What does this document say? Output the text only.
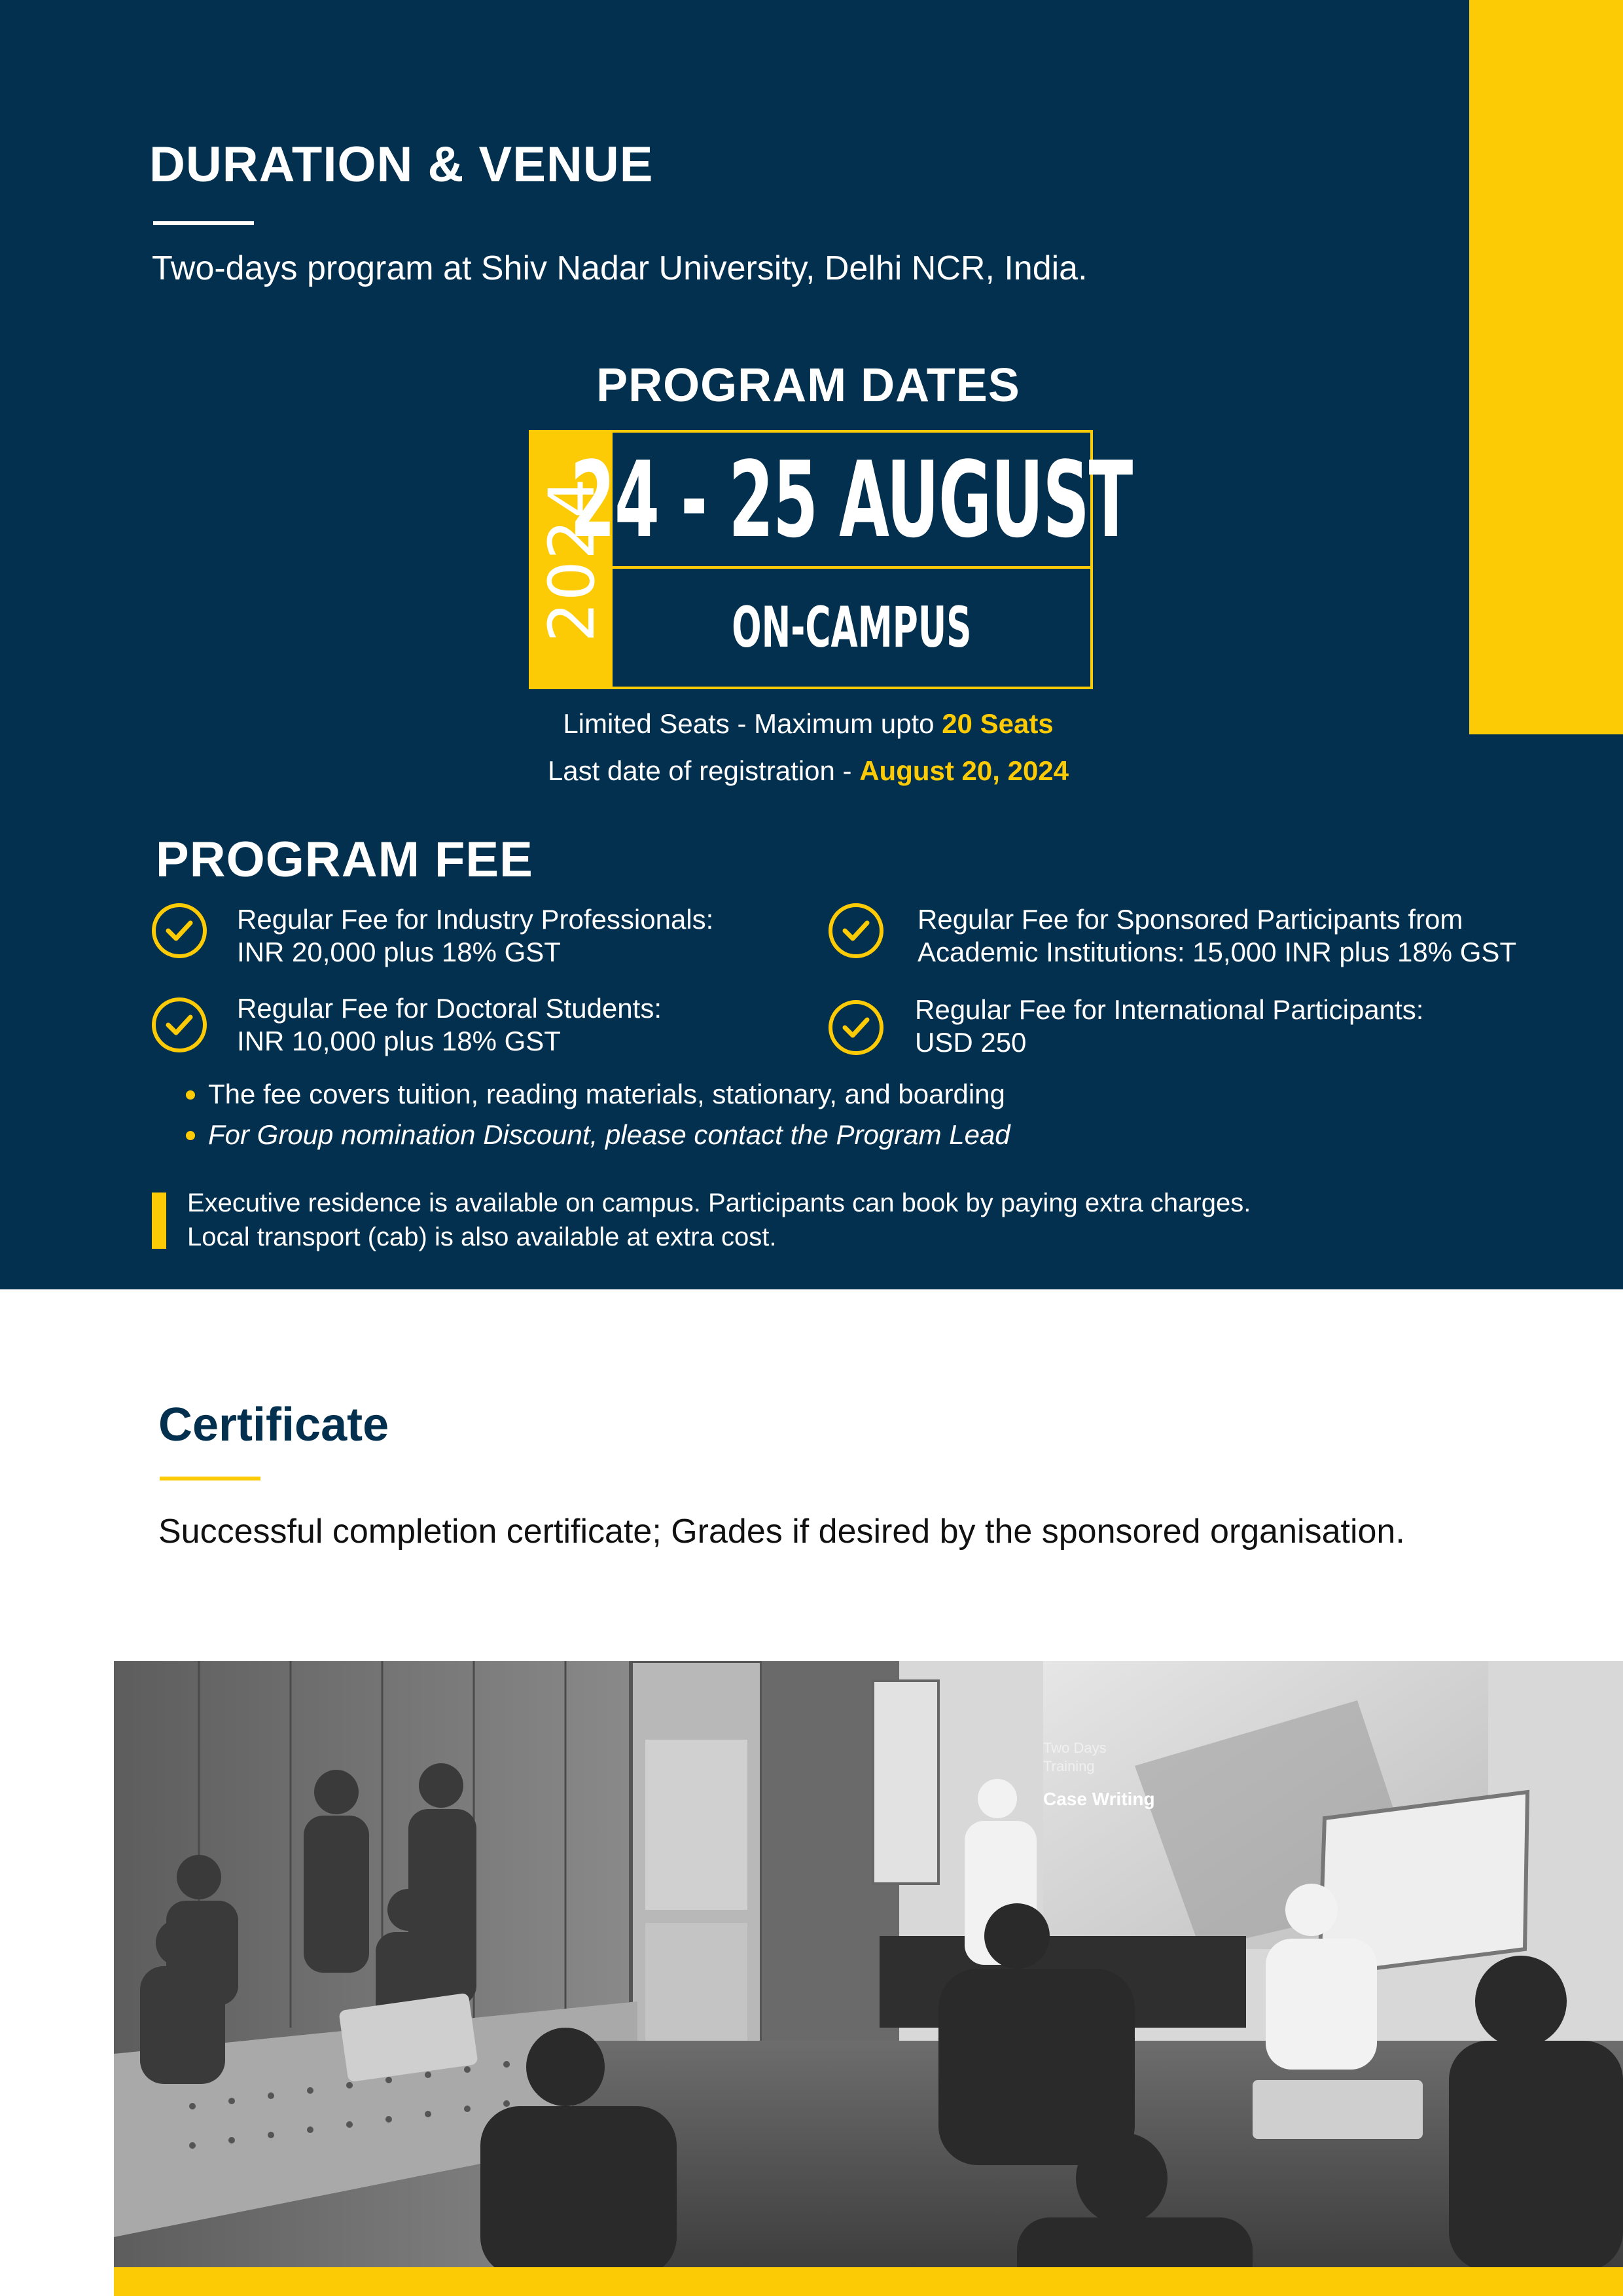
DURATION & VENUE

Two-days program at Shiv Nadar University, Delhi NCR, India.

PROGRAM DATES
2024
24 - 25 AUGUST
ON-CAMPUS

Limited Seats - Maximum upto 20 Seats

Last date of registration - August 20, 2024

PROGRAM FEE
Regular Fee for Industry Professionals:
INR 20,000 plus 18% GST
Regular Fee for Sponsored Participants from
Academic Institutions: 15,000 INR plus 18% GST
Regular Fee for Doctoral Students:
INR 10,000 plus 18% GST
Regular Fee for International Participants:
USD 250
The fee covers tuition, reading materials, stationary, and boarding
For Group nomination Discount, please contact the Program Lead
Executive residence is available on campus. Participants can book by paying extra charges.
Local transport (cab) is also available at extra cost.
Certificate

Successful completion certificate; Grades if desired by the sponsored organisation.

Two Days
Training
Case Writing
